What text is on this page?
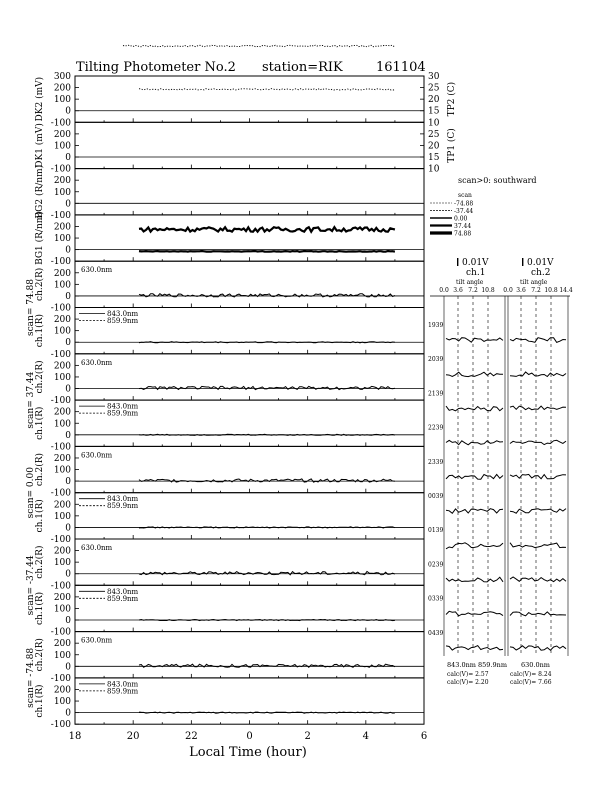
Tilting Photometer No.2 station=RIK	161104
300
200
100
0
-100
DK2 (mV)	30
25
20
15
10
TP2 (C)
200
100
0
-100
DK1 (mV)	25
20
15
10
TP1 (C)
200
100
0
-100
BG2 (R/nm)
200
100
0
-100
BG1 (R/nm)
200
100
0
-100
ch.2(R)
scan= 74.88
630.0nm
200
100
0
-100
ch.1(R)
843.0nm
859.9nm
200
100
0
-100
ch.2(R)
scan= 37.44
630.0nm
200
100
0
-100
ch.1(R)
843.0nm
859.9nm
200
100
0
-100
ch.2(R)
scan= 0.00
630.0nm
200
100
0
-100
ch.1(R)
843.0nm
859.9nm
200
100
0
-100
ch.2(R)
scan= -37.44
630.0nm
200
100
0
-100
ch.1(R)
843.0nm
859.9nm
200
100
0
-100
ch.2(R)
scan= -74.88
630.0nm
200
100
0
-100
ch.1(R)
843.0nm
859.9nm
18	20	22	0	2	4	6
Local Time (hour)
scan>0: southward
scan
-74.88
-37.44
0.00
37.44
74.88
0.01V
ch.1
0.01V
ch.2
tilt angle	tilt angle
0.0 3.6 7.2 10.8 0.0 3.6 7.2 10.8 14.4
1939
2039
2139
2239
2339
0039
0139
0239
0339
0439
843.0nm 859.9nm
calc(V)= 2.57
calc(V)= 2.20
630.0nm
calc(V)= 8.24
calc(V)= 7.66
